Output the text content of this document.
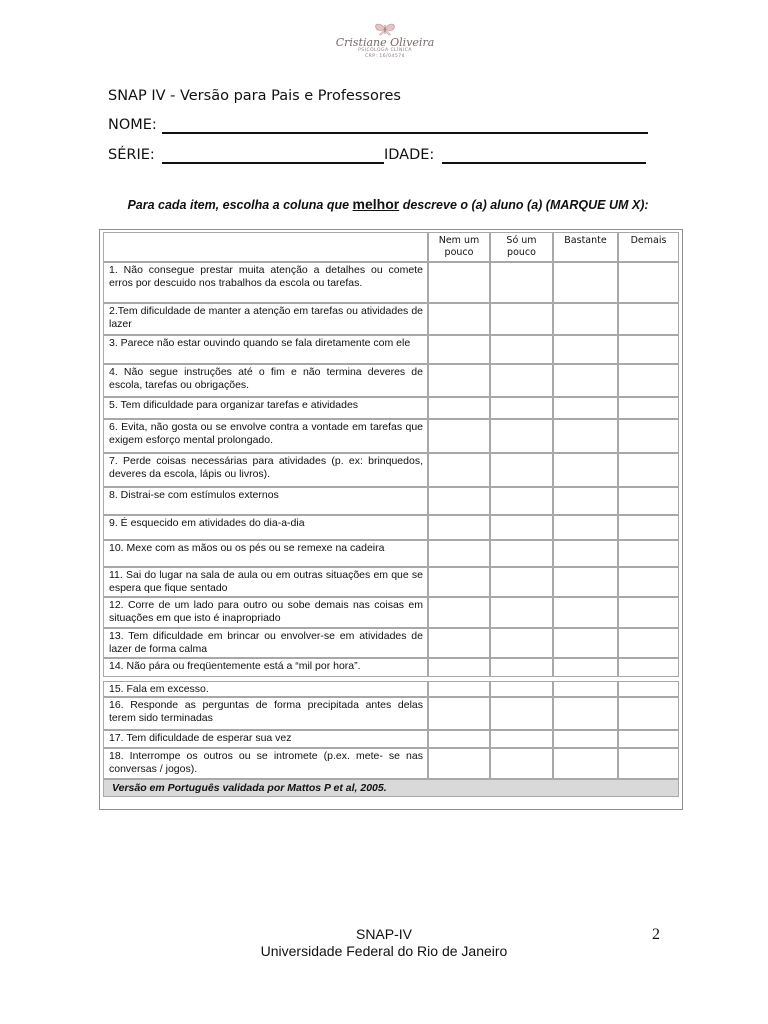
Cristiane Oliveira
PSICÓLOGA CLÍNICA
CRP: 16/04574
SNAP IV - Versão para Pais e Professores
NOME:
SÉRIE:	IDADE:
Para cada item, escolha a coluna que melhor descreve o (a) aluno (a) (MARQUE UM X):
Nem um pouco
Só um pouco
Bastante	Demais
1. Não consegue prestar muita atenção a detalhes ou comete erros por descuido nos trabalhos da escola ou tarefas.
2.Tem dificuldade de manter a atenção em tarefas ou atividades de lazer
3. Parece não estar ouvindo quando se fala diretamente com ele
4. Não segue instruções até o fim e não termina deveres de escola, tarefas ou obrigações.
5. Tem dificuldade para organizar tarefas e atividades
6. Evita, não gosta ou se envolve contra a vontade em tarefas que exigem esforço mental prolongado.
7. Perde coisas necessárias para atividades (p. ex: brinquedos, deveres da escola, lápis ou livros).
8. Distrai-se com estímulos externos
9. É esquecido em atividades do dia-a-dia
10. Mexe com as mãos ou os pés ou se remexe na cadeira
11. Sai do lugar na sala de aula ou em outras situações em que se espera que fique sentado
12. Corre de um lado para outro ou sobe demais nas coisas em situações em que isto é inapropriado
13. Tem dificuldade em brincar ou envolver-se em atividades de lazer de forma calma
14. Não pára ou freqüentemente está a “mil por hora”.
15. Fala em excesso.
16. Responde as perguntas de forma precipitada antes delas terem sido terminadas
17. Tem dificuldade de esperar sua vez
18. Interrompe os outros ou se intromete (p.ex. mete- se nas conversas / jogos).
Versão em Português validada por Mattos P et al, 2005.
SNAP-IV
Universidade Federal do Rio de Janeiro
2
